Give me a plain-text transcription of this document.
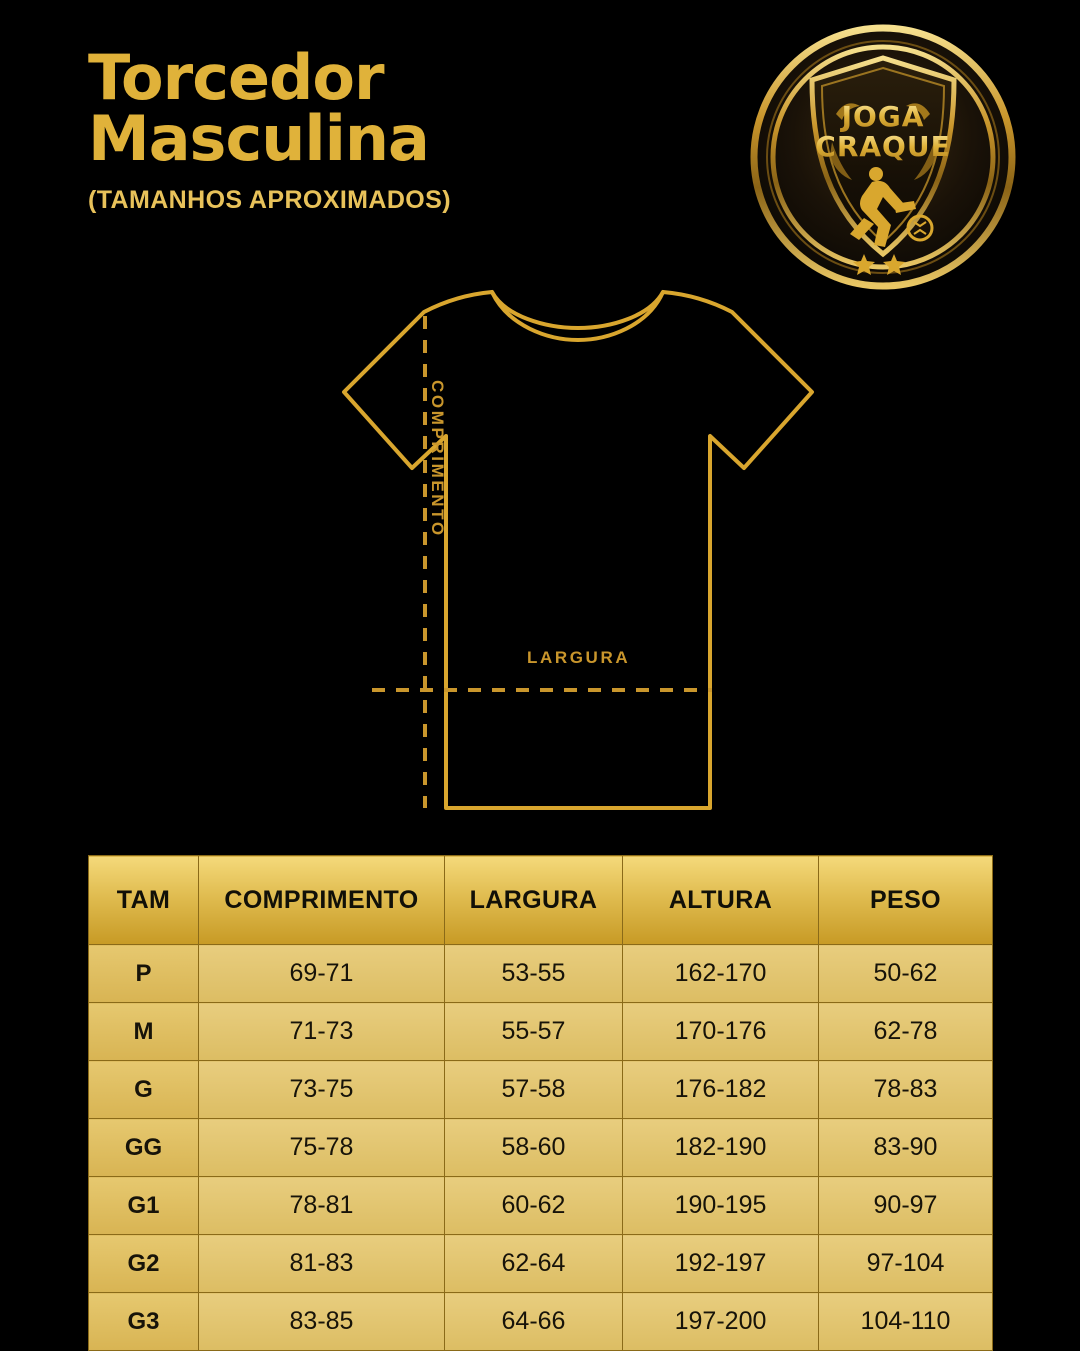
Torcedor
Masculina
(TAMANHOS APROXIMADOS)
JOGA
CRAQUE
COMPRIMENTO
LARGURA
TAM	COMPRIMENTO	LARGURA	ALTURA	PESO
P	69-71	53-55	162-170	50-62
M	71-73	55-57	170-176	62-78
G	73-75	57-58	176-182	78-83
GG	75-78	58-60	182-190	83-90
G1	78-81	60-62	190-195	90-97
G2	81-83	62-64	192-197	97-104
G3	83-85	64-66	197-200	104-110
